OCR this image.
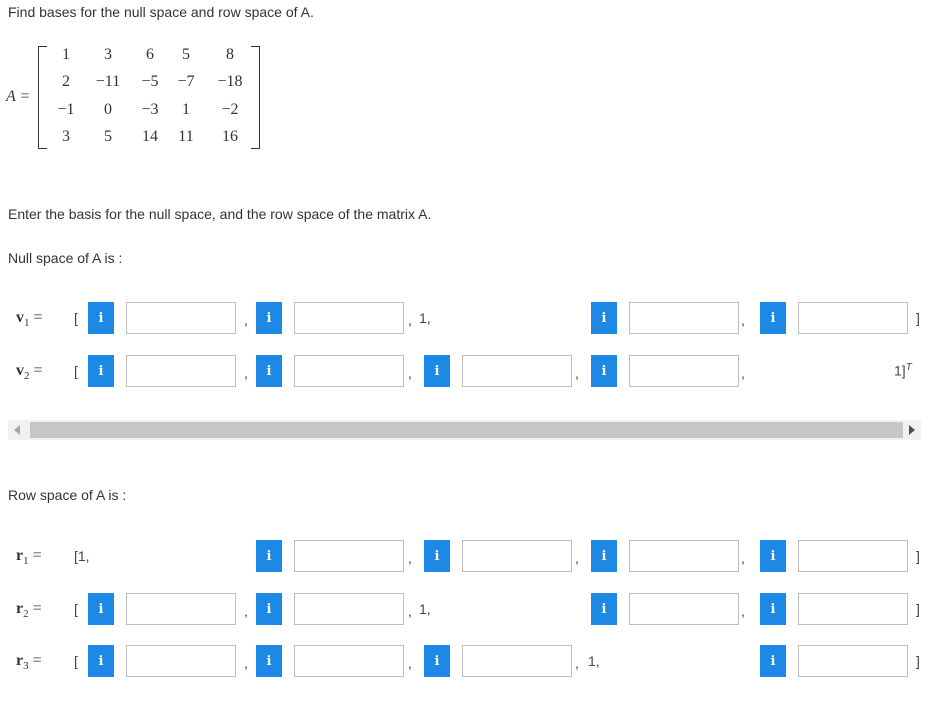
Find bases for the null space and row space of A.
A =
1	3	6	5	8
2	−11	−5	−7	−18
−1	0	−3	1	−2
3	5	14	11	16
Enter the basis for the null space, and the row space of the matrix A.
Null space of A is :
$v_1$ = [	i	,	i	, 1,	i	,	i	]
$v_2$ = [	i	,	i	,	i	,	i	,	1]$^T$
Row space of A is :
$r_1 = [1$,	i	,	i	,	i	,	i	]
$r_2$ = [	i	,	i	, 1,	i	,	i	]
$r_3$ = [	i	,	i	,	i	, 1,	i	]
